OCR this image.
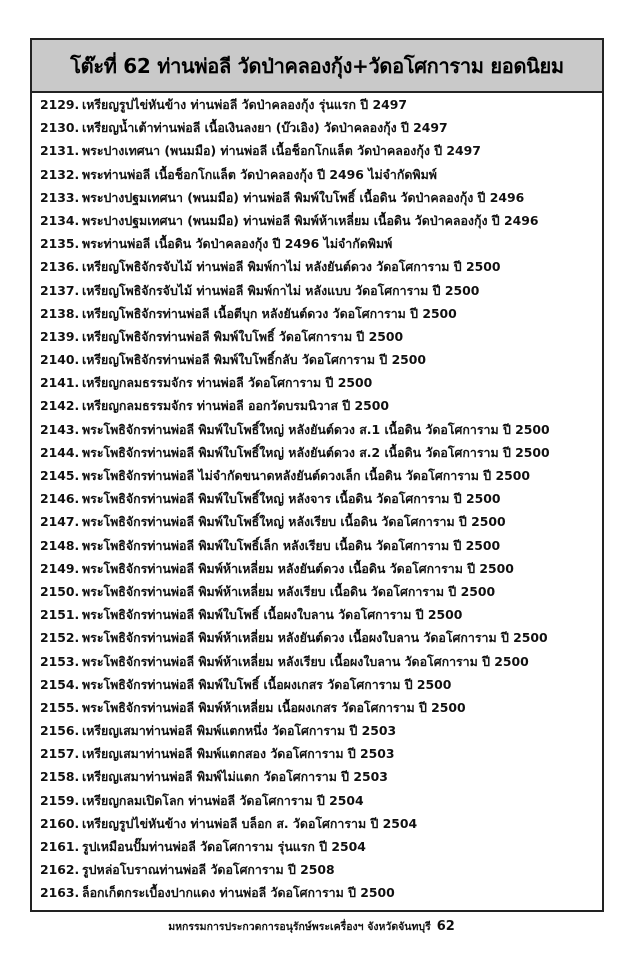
โต๊ะที่ 62 ท่านพ่อลี วัดป่าคลองกุ้ง+วัดอโศการาม ยอดนิยม
2129. เหรียญรูปไข่หันข้าง ท่านพ่อลี วัดป่าคลองกุ้ง รุ่นแรก ปี 2497
2130. เหรียญน้ำเต้าท่านพ่อลี เนื้อเงินลงยา (บ๊วเอิง) วัดป่าคลองกุ้ง ปี 2497
2131. พระปางเทศนา (พนมมือ) ท่านพ่อลี เนื้อช็อกโกแล็ต วัดป่าคลองกุ้ง ปี 2497
2132. พระท่านพ่อลี เนื้อช็อกโกแล็ต วัดป่าคลองกุ้ง ปี 2496 ไม่จำกัดพิมพ์
2133. พระปางปฐมเทศนา (พนมมือ) ท่านพ่อลี พิมพ์ใบโพธิ์ เนื้อดิน วัดป่าคลองกุ้ง ปี 2496
2134. พระปางปฐมเทศนา (พนมมือ) ท่านพ่อลี พิมพ์ห้าเหลี่ยม เนื้อดิน วัดป่าคลองกุ้ง ปี 2496
2135. พระท่านพ่อลี เนื้อดิน วัดป่าคลองกุ้ง ปี 2496 ไม่จำกัดพิมพ์
2136. เหรียญโพธิจักรจับไม้ ท่านพ่อลี พิมพ์กาไม่ หลังยันต์ดวง วัดอโศการาม ปี 2500
2137. เหรียญโพธิจักรจับไม้ ท่านพ่อลี พิมพ์กาไม่ หลังแบบ วัดอโศการาม ปี 2500
2138. เหรียญโพธิจักรท่านพ่อลี เนื้อตีบุก หลังยันต์ดวง วัดอโศการาม ปี 2500
2139. เหรียญโพธิจักรท่านพ่อลี พิมพ์ใบโพธิ์ วัดอโศการาม ปี 2500
2140. เหรียญโพธิจักรท่านพ่อลี พิมพ์ใบโพธิ์กลับ วัดอโศการาม ปี 2500
2141. เหรียญกลมธรรมจักร ท่านพ่อลี วัดอโศการาม ปี 2500
2142. เหรียญกลมธรรมจักร ท่านพ่อลี ออกวัดบรมนิวาส ปี 2500
2143. พระโพธิจักรท่านพ่อลี พิมพ์ใบโพธิ์ใหญ่ หลังยันต์ดวง ส.1 เนื้อดิน วัดอโศการาม ปี 2500
2144. พระโพธิจักรท่านพ่อลี พิมพ์ใบโพธิ์ใหญ่ หลังยันต์ดวง ส.2 เนื้อดิน วัดอโศการาม ปี 2500
2145. พระโพธิจักรท่านพ่อลี ไม่จำกัดขนาดหลังยันต์ดวงเล็ก เนื้อดิน วัดอโศการาม ปี 2500
2146. พระโพธิจักรท่านพ่อลี พิมพ์ใบโพธิ์ใหญ่ หลังจาร เนื้อดิน วัดอโศการาม ปี 2500
2147. พระโพธิจักรท่านพ่อลี พิมพ์ใบโพธิ์ใหญ่ หลังเรียบ เนื้อดิน วัดอโศการาม ปี 2500
2148. พระโพธิจักรท่านพ่อลี พิมพ์ใบโพธิ์เล็ก หลังเรียบ เนื้อดิน วัดอโศการาม ปี 2500
2149. พระโพธิจักรท่านพ่อลี พิมพ์ห้าเหลี่ยม หลังยันต์ดวง เนื้อดิน วัดอโศการาม ปี 2500
2150. พระโพธิจักรท่านพ่อลี พิมพ์ห้าเหลี่ยม หลังเรียบ เนื้อดิน วัดอโศการาม ปี 2500
2151. พระโพธิจักรท่านพ่อลี พิมพ์ใบโพธิ์ เนื้อผงใบลาน วัดอโศการาม ปี 2500
2152. พระโพธิจักรท่านพ่อลี พิมพ์ห้าเหลี่ยม หลังยันต์ดวง เนื้อผงใบลาน วัดอโศการาม ปี 2500
2153. พระโพธิจักรท่านพ่อลี พิมพ์ห้าเหลี่ยม หลังเรียบ เนื้อผงใบลาน วัดอโศการาม ปี 2500
2154. พระโพธิจักรท่านพ่อลี พิมพ์ใบโพธิ์ เนื้อผงเกสร วัดอโศการาม ปี 2500
2155. พระโพธิจักรท่านพ่อลี พิมพ์ห้าเหลี่ยม เนื้อผงเกสร วัดอโศการาม ปี 2500
2156. เหรียญเสมาท่านพ่อลี พิมพ์แตกหนึ่ง วัดอโศการาม ปี 2503
2157. เหรียญเสมาท่านพ่อลี พิมพ์แตกสอง วัดอโศการาม ปี 2503
2158. เหรียญเสมาท่านพ่อลี พิมพ์ไม่แตก วัดอโศการาม ปี 2503
2159. เหรียญกลมเปิดโลก ท่านพ่อลี วัดอโศการาม ปี 2504
2160. เหรียญรูปไข่หันข้าง ท่านพ่อลี บล็อก ส. วัดอโศการาม ปี 2504
2161. รูปเหมือนปั๊มท่านพ่อลี วัดอโศการาม รุ่นแรก ปี 2504
2162. รูปหล่อโบราณท่านพ่อลี วัดอโศการาม ปี 2508
2163. ล็อกเก็ตกระเบื้องปากแดง ท่านพ่อลี วัดอโศการาม ปี 2500
มหกรรมการประกวดการอนุรักษ์พระเครื่องฯ จังหวัดจันทบุรี 62
